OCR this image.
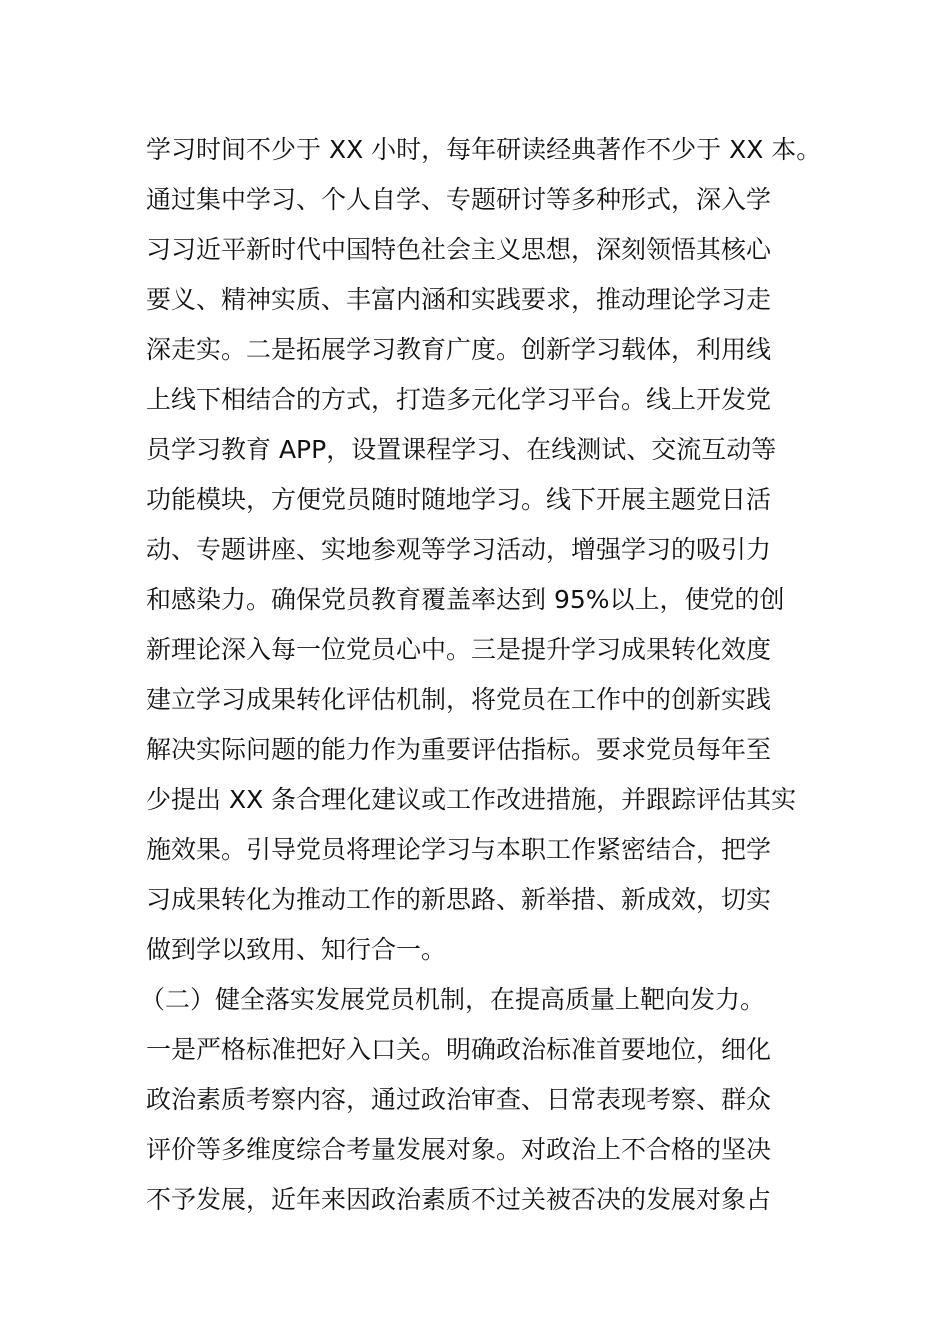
学习时间不少于 XX 小时，每年研读经典著作不少于 XX 本。
通过集中学习、个人自学、专题研讨等多种形式，深入学
习习近平新时代中国特色社会主义思想，深刻领悟其核心
要义、精神实质、丰富内涵和实践要求，推动理论学习走
深走实。二是拓展学习教育广度。创新学习载体，利用线
上线下相结合的方式，打造多元化学习平台。线上开发党
员学习教育 APP，设置课程学习、在线测试、交流互动等
功能模块，方便党员随时随地学习。线下开展主题党日活
动、专题讲座、实地参观等学习活动，增强学习的吸引力
和感染力。确保党员教育覆盖率达到 95%以上，使党的创
新理论深入每一位党员心中。三是提升学习成果转化效度
建立学习成果转化评估机制，将党员在工作中的创新实践
解决实际问题的能力作为重要评估指标。要求党员每年至
少提出 XX 条合理化建议或工作改进措施，并跟踪评估其实
施效果。引导党员将理论学习与本职工作紧密结合，把学
习成果转化为推动工作的新思路、新举措、新成效，切实
做到学以致用、知行合一。
（二）健全落实发展党员机制，在提高质量上靶向发力。
一是严格标准把好入口关。明确政治标准首要地位，细化
政治素质考察内容，通过政治审查、日常表现考察、群众
评价等多维度综合考量发展对象。对政治上不合格的坚决
不予发展，近年来因政治素质不过关被否决的发展对象占
